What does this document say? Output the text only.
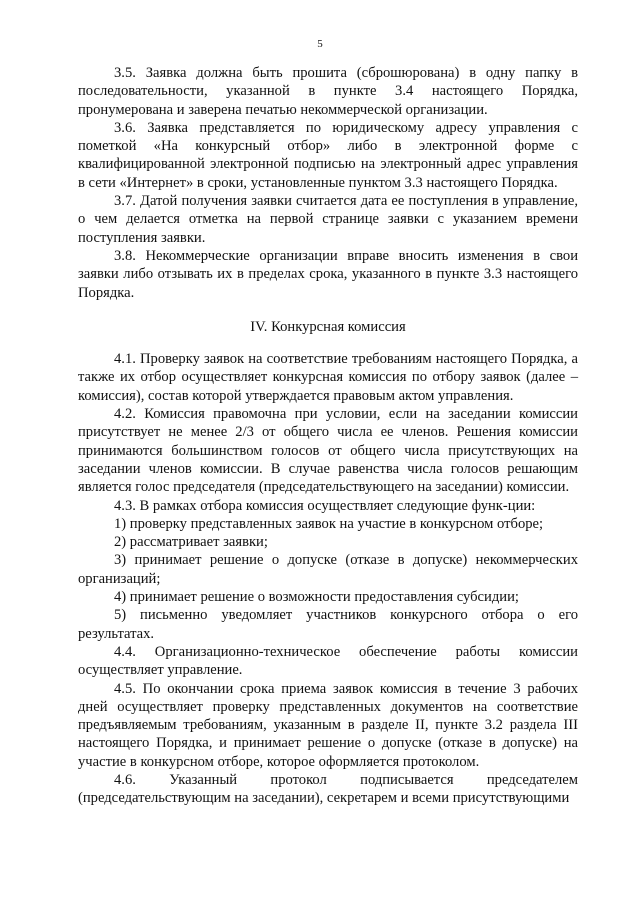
5

3.5. Заявка должна быть прошита (сброшюрована) в одну папку в последовательности, указанной в пункте 3.4 настоящего Порядка, пронумерована и заверена печатью некоммерческой организации.

3.6. Заявка представляется по юридическому адресу управления с пометкой «На конкурсный отбор» либо в электронной форме с квалифицированной электронной подписью на электронный адрес управления в сети «Интернет» в сроки, установленные пунктом 3.3 настоящего Порядка.

3.7. Датой получения заявки считается дата ее поступления в управление, о чем делается отметка на первой странице заявки с указанием времени поступления заявки.

3.8. Некоммерческие организации вправе вносить изменения в свои заявки либо отзывать их в пределах срока, указанного в пункте 3.3 настоящего Порядка.

IV. Конкурсная комиссия

4.1. Проверку заявок на соответствие требованиям настоящего Порядка, а также их отбор осуществляет конкурсная комиссия по отбору заявок (далее – комиссия), состав которой утверждается правовым актом управления.

4.2. Комиссия правомочна при условии, если на заседании комиссии присутствует не менее 2/3 от общего числа ее членов. Решения комиссии принимаются большинством голосов от общего числа присутствующих на заседании членов комиссии. В случае равенства числа голосов решающим является голос председателя (председательствующего на заседании) комиссии.

4.3. В рамках отбора комиссия осуществляет следующие функ-ции:

1) проверку представленных заявок на участие в конкурсном отборе;

2) рассматривает заявки;

3) принимает решение о допуске (отказе в допуске) некоммерческих организаций;

4) принимает решение о возможности предоставления субсидии;

5) письменно уведомляет участников конкурсного отбора о его результатах.

4.4. Организационно-техническое обеспечение работы комиссии осуществляет управление.

4.5. По окончании срока приема заявок комиссия в течение 3 рабочих дней осуществляет проверку представленных документов на соответствие предъявляемым требованиям, указанным в разделе II, пункте 3.2 раздела III настоящего Порядка, и принимает решение о допуске (отказе в допуске) на участие в конкурсном отборе, которое оформляется протоколом.

4.6. Указанный протокол подписывается председателем (председательствующим на заседании), секретарем и всеми присутствующими
